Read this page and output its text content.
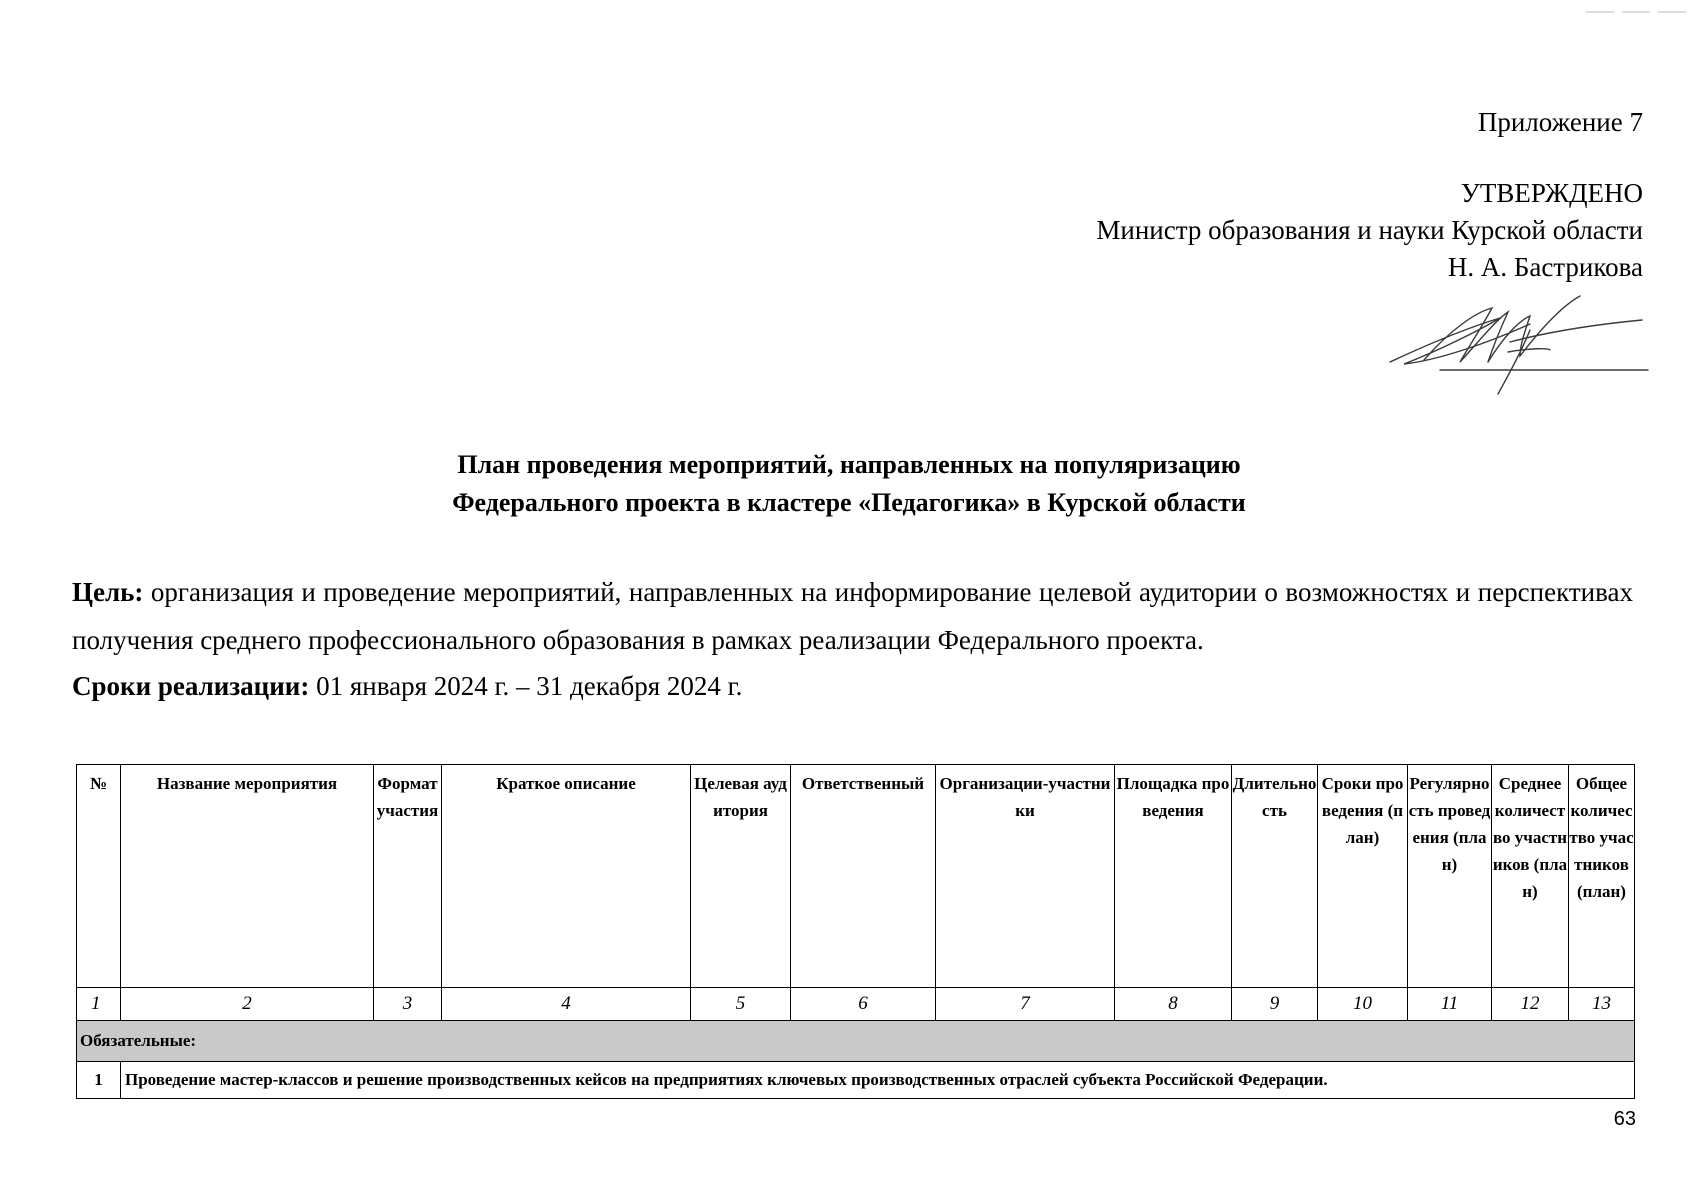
Приложение 7
УТВЕРЖДЕНО
Министр образования и науки Курской области
Н. А. Бастрикова
План проведения мероприятий, направленных на популяризацию
Федерального проекта в кластере «Педагогика» в Курской области
Цель: организация и проведение мероприятий, направленных на информирование целевой аудитории о возможностях и перспективах получения среднего профессионального образования в рамках реализации Федерального проекта.
Сроки реализации: 01 января 2024 г. – 31 декабря 2024 г.
№	Название мероприятия	Формат участия	Краткое описание	Целевая аудитория	Ответственный	Организации-участники	Площадка проведения	Длительность	Сроки проведения (план)	Регулярность проведения (план)	Среднее количество участников (план)	Общее количество участников (план)
1	2	3	4	5	6	7	8	9	10	11	12	13
Обязательные:												
1	Проведение мастер-классов и решение производственных кейсов на предприятиях ключевых производственных отраслей субъекта Российской Федерации.											
63
